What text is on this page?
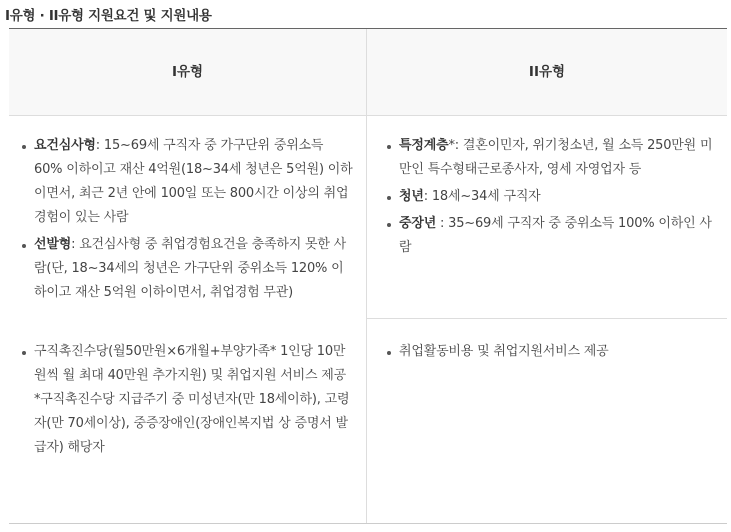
I유형 · II유형 지원요건 및 지원내용
I유형	II유형
요건심사형: 15~69세 구직자 중 가구단위 중위소득 60% 이하이고 재산 4억원(18~34세 청년은 5억원) 이하이면서, 최근 2년 안에 100일 또는 800시간 이상의 취업경험이 있는 사람
선발형: 요건심사형 중 취업경험요건을 충족하지 못한 사람(단, 18~34세의 청년은 가구단위 중위소득 120% 이하이고 재산 5억원 이하이면서, 취업경험 무관)
구직촉진수당(월50만원×6개월+부양가족* 1인당 10만원씩 월 최대 40만원 추가지원) 및 취업지원 서비스 제공
*구직촉진수당 지급주기 중 미성년자(만 18세이하), 고령자(만 70세이상), 중증장애인(장애인복지법 상 증명서 발급자) 해당자
특정계층*: 결혼이민자, 위기청소년, 월 소득 250만원 미만인 특수형태근로종사자, 영세 자영업자 등
청년: 18세~34세 구직자
중장년 : 35~69세 구직자 중 중위소득 100% 이하인 사람
취업활동비용 및 취업지원서비스 제공
